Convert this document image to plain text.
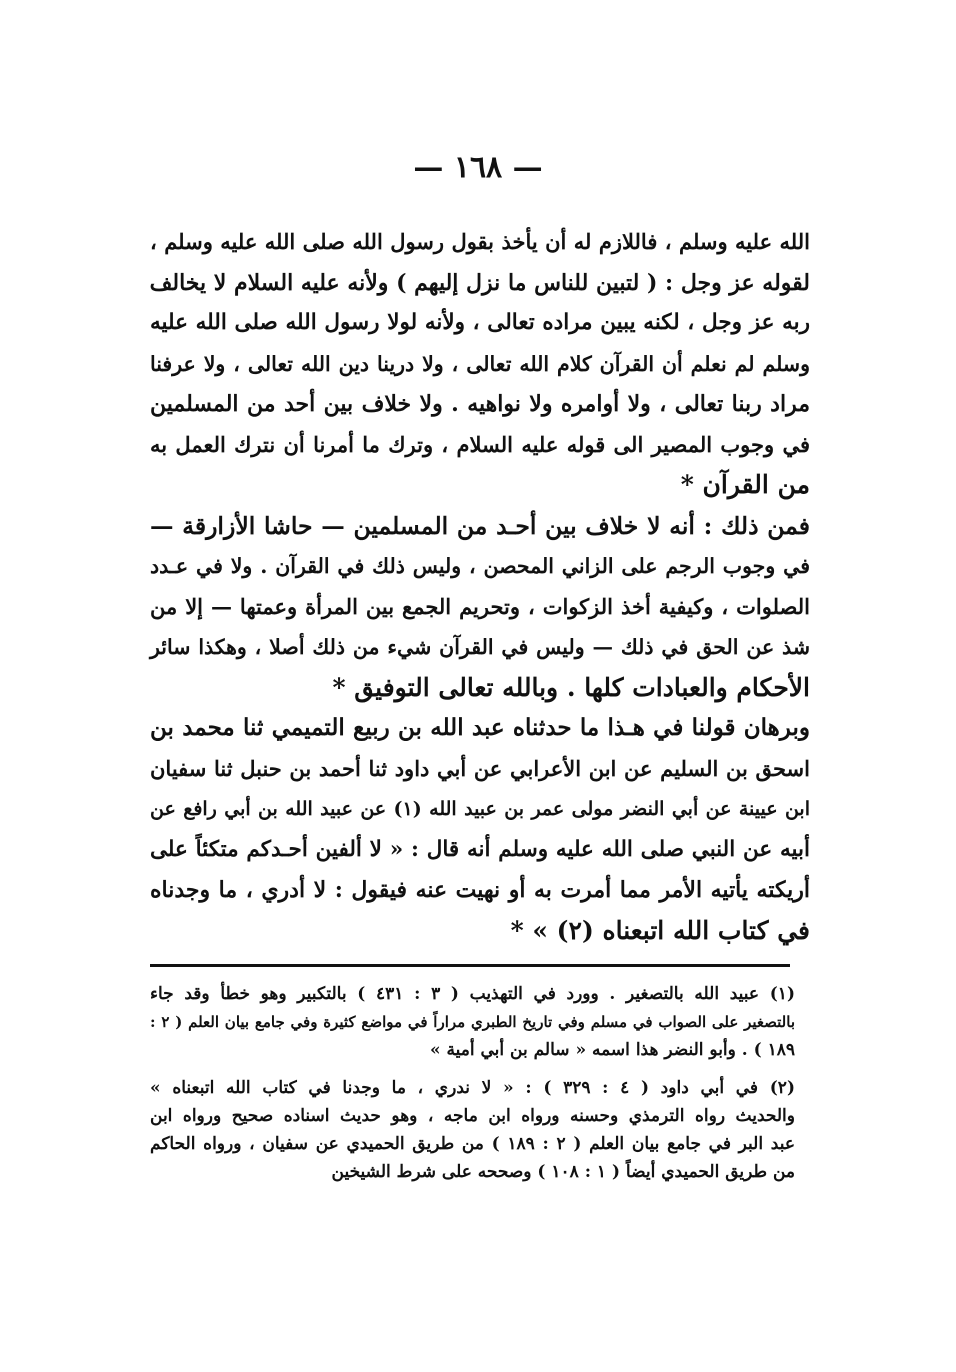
— ١٦٨ —
الله عليه وسلم ، فاللازم له أن يأخذ بقول رسول الله صلى الله عليه وسلم ،
لقوله عز وجل : ( لتبين للناس ما نزل إليهم ) ولأنه عليه السلام لا يخالف
ربه عز وجل ، لكنه يبين مراده تعالى ، ولأنه لولا رسول الله صلى الله عليه
وسلم لم نعلم أن القرآن كلام الله تعالى ، ولا درينا دين الله تعالى ، ولا عرفنا
مراد ربنا تعالى ، ولا أوامره ولا نواهيه . ولا خلاف بين أحد من المسلمين
في وجوب المصير الى قوله عليه السلام ، وترك ما أمرنا أن نترك العمل به
من القرآن *
فمن ذلك : أنه لا خلاف بين أحـد من المسلمين — حاشا الأزارقة —
في وجوب الرجم على الزاني المحصن ، وليس ذلك في القرآن . ولا في عـدد
الصلوات ، وكيفية أخذ الزكوات ، وتحريم الجمع بين المرأة وعمتها — إلا من
شذ عن الحق في ذلك — وليس في القرآن شيء من ذلك أصلا ، وهكذا سائر
الأحكام والعبادات كلها . وبالله تعالى التوفيق *
وبرهان قولنا في هـذا ما حدثناه عبد الله بن ربيع التميمي ثنا محمد بن
اسحق بن السليم عن ابن الأعرابي عن أبي داود ثنا أحمد بن حنبل ثنا سفيان
ابن عيينة عن أبي النضر مولى عمر بن عبيد الله (١) عن عبيد الله بن أبي رافع عن
أبيه عن النبي صلى الله عليه وسلم أنه قال : « لا ألفين أحـدكم متكئاً على
أريكته يأتيه الأمر مما أمرت به أو نهيت عنه فيقول : لا أدري ، ما وجدناه
في كتاب الله اتبعناه (٢) » *
(١) عبيد الله بالتصغير . وورد في التهذيب ( ٣ : ٤٣١ ) بالتكبير وهو خطأ وقد جاء
بالتصغير على الصواب في مسلم وفي تاريخ الطبري مراراً في مواضع كثيرة وفي جامع بيان العلم ( ٢ :
١٨٩ ) . وأبو النضر هذا اسمه « سالم بن أبي أمية »
(٢) في أبي داود ( ٤ : ٣٢٩ ) : « لا ندري ، ما وجدنا في كتاب الله اتبعناه »
والحديث رواه الترمذي وحسنه ورواه ابن ماجه ، وهو حديث اسناده صحيح ورواه ابن
عبد البر في جامع بيان العلم ( ٢ : ١٨٩ ) من طريق الحميدي عن سفيان ، ورواه الحاكم
من طريق الحميدي أيضاً ( ١ : ١٠٨ ) وصححه على شرط الشيخين
